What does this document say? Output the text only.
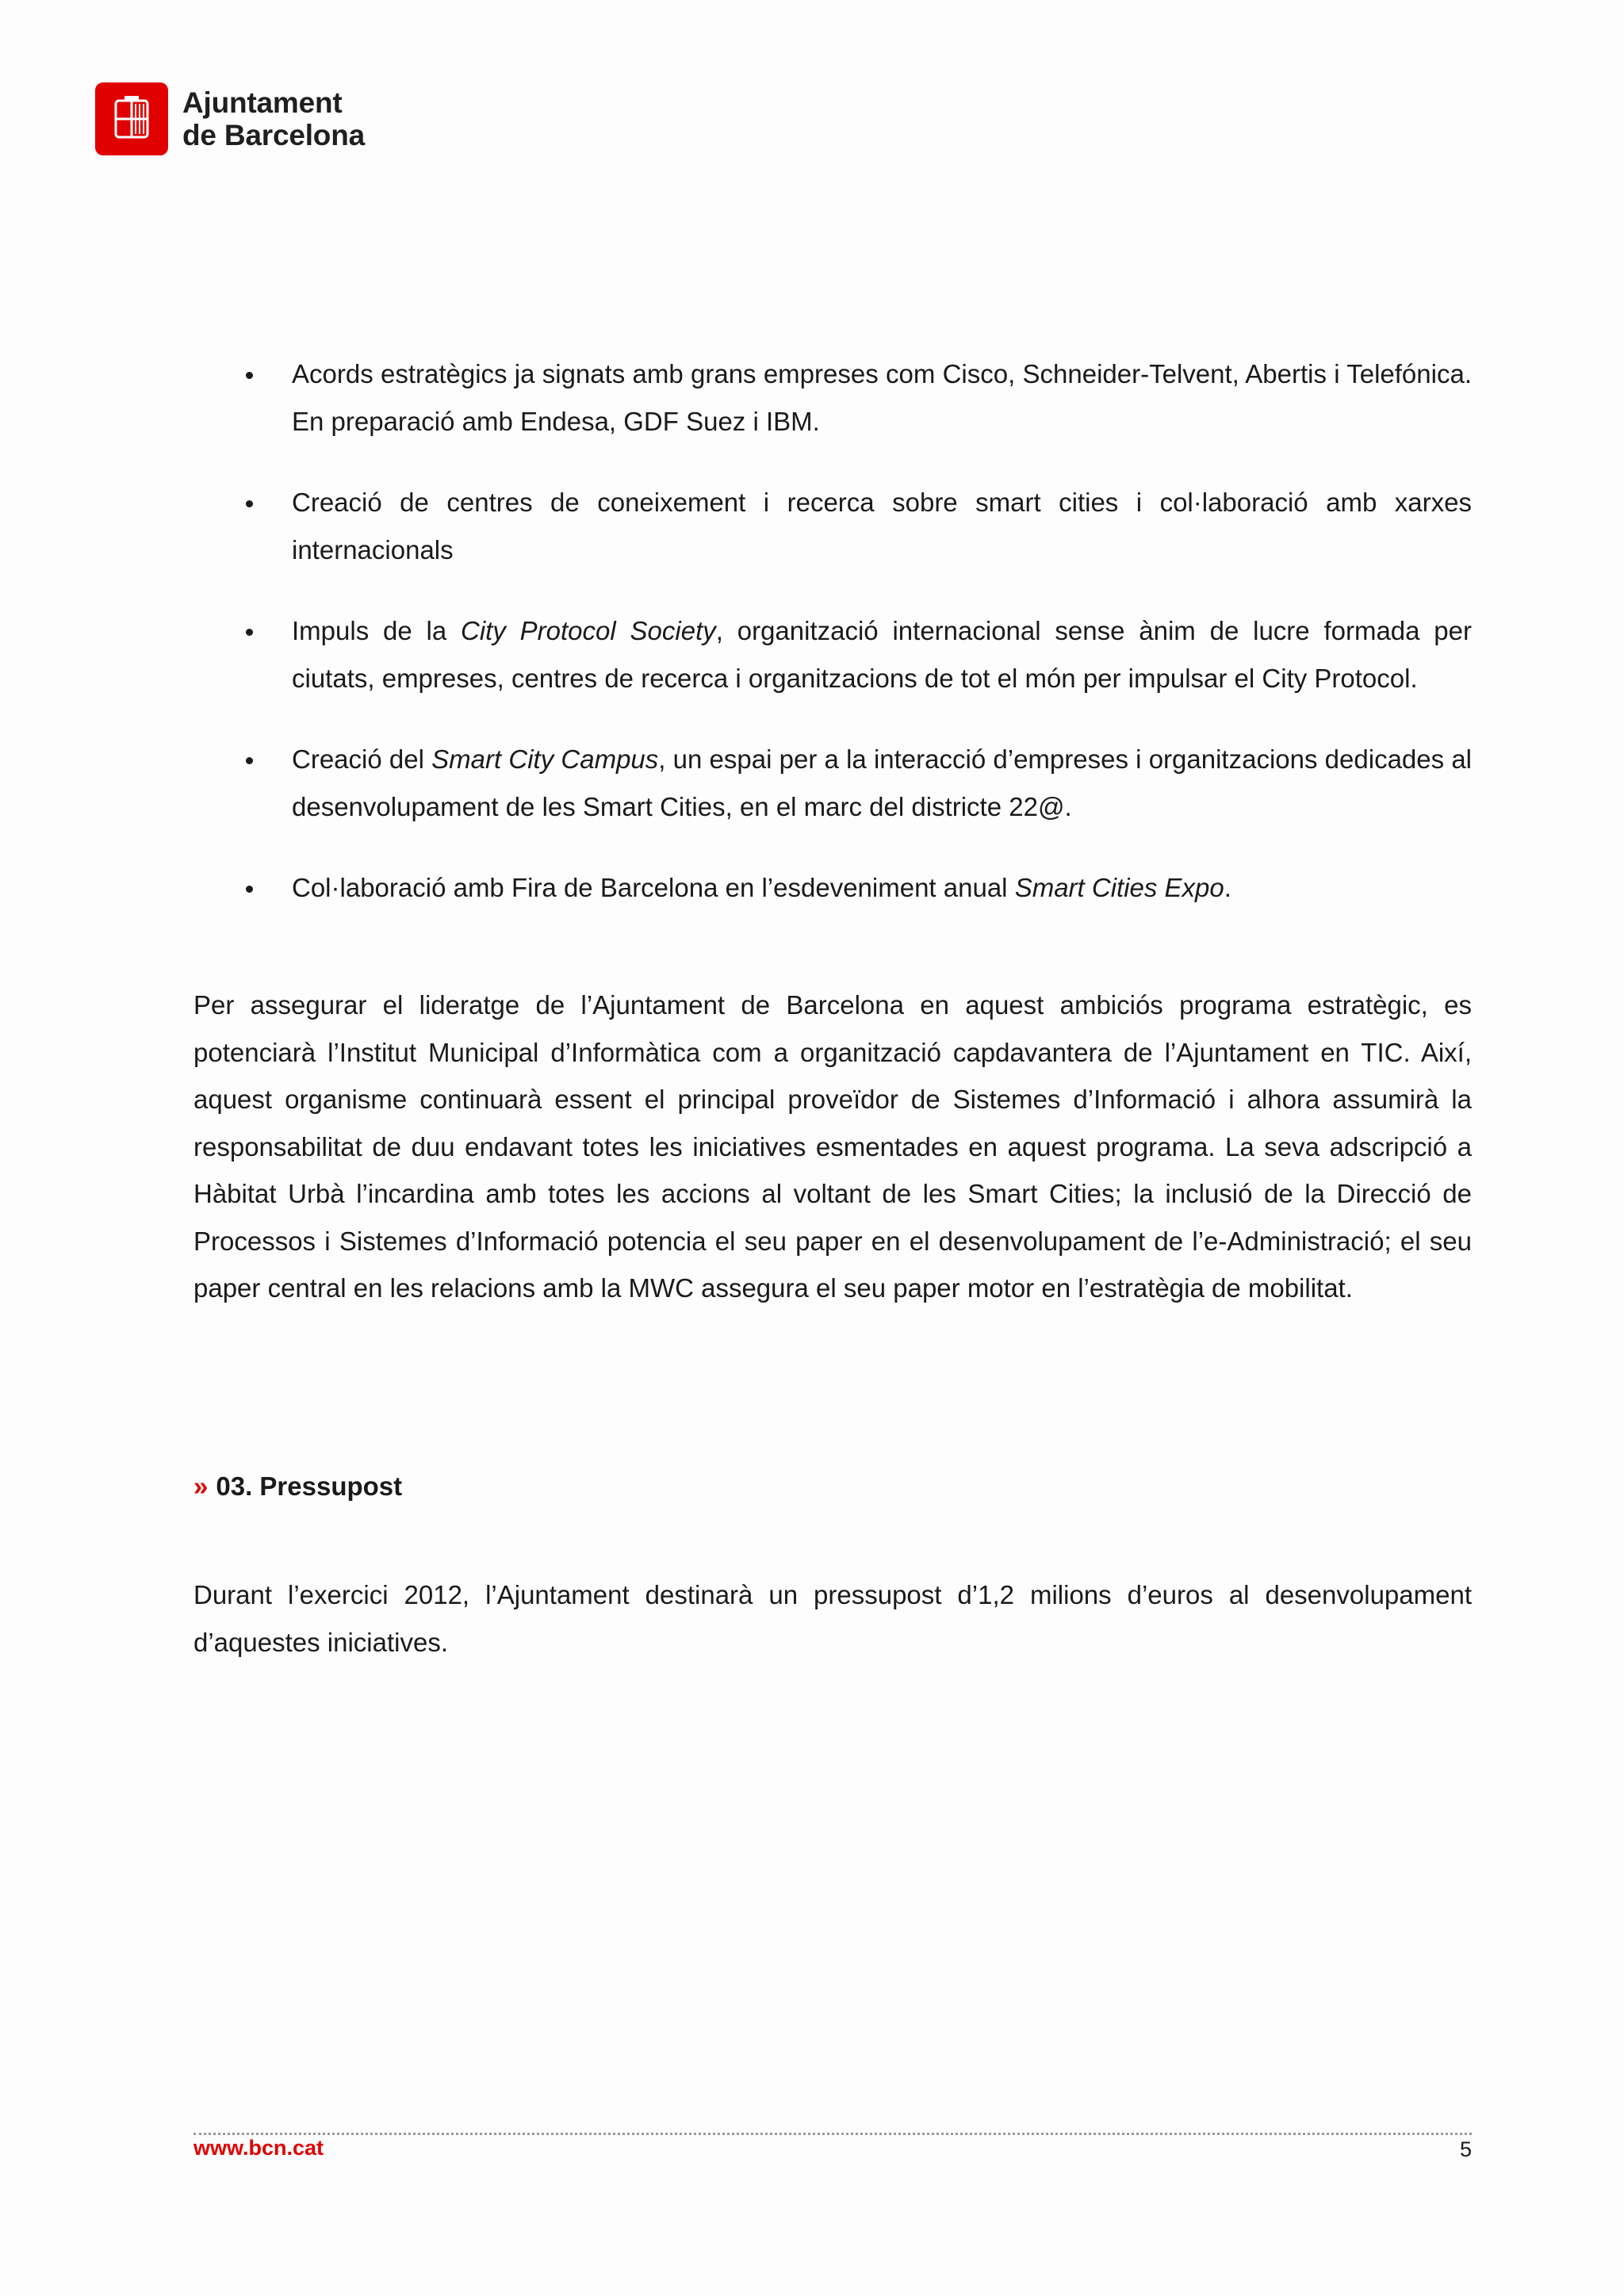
Ajuntament
de Barcelona
Acords estratègics ja signats amb grans empreses com Cisco, Schneider-Telvent, Abertis i Telefónica. En preparació amb Endesa, GDF Suez i IBM.
Creació de centres de coneixement i recerca sobre smart cities i col·laboració amb xarxes internacionals
Impuls de la City Protocol Society, organització internacional sense ànim de lucre formada per ciutats, empreses, centres de recerca i organitzacions de tot el món per impulsar el City Protocol.
Creació del Smart City Campus, un espai per a la interacció d’empreses i organitzacions dedicades al desenvolupament de les Smart Cities, en el marc del districte 22@.
Col·laboració amb Fira de Barcelona en l’esdeveniment anual Smart Cities Expo.

Per assegurar el lideratge de l’Ajuntament de Barcelona en aquest ambiciós programa estratègic, es potenciarà l’Institut Municipal d’Informàtica com a organització capdavantera de l’Ajuntament en TIC. Així, aquest organisme continuarà essent el principal proveïdor de Sistemes d’Informació i alhora assumirà la responsabilitat de duu endavant totes les iniciatives esmentades en aquest programa. La seva adscripció a Hàbitat Urbà l’incardina amb totes les accions al voltant de les Smart Cities; la inclusió de la Direcció de Processos i Sistemes d’Informació potencia el seu paper en el desenvolupament de l’e-Administració; el seu paper central en les relacions amb la MWC assegura el seu paper motor en l’estratègia de mobilitat.

» 03. Pressupost

Durant l’exercici 2012, l’Ajuntament destinarà un pressupost d’1,2 milions d’euros al desenvolupament d’aquestes iniciatives.

www.bcn.cat	5
